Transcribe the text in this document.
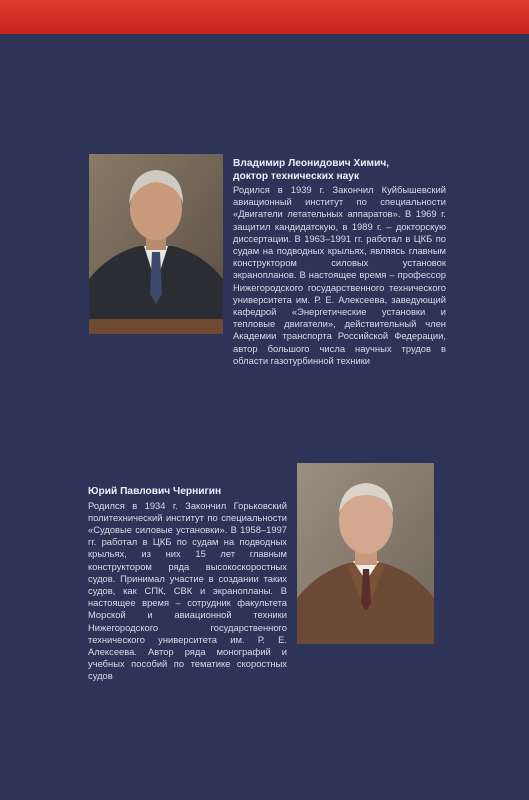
Владимир Леонидович Химич,
доктор технических наук
Родился в 1939 г. Закончил Куйбышевский авиационный институт по специальности «Двигатели летательных аппаратов». В 1969 г. защитил кандидатскую, в 1989 г. – докторскую диссертации. В 1963–1991 гг. работал в ЦКБ по судам на подводных крыльях, являясь главным конструктором силовых установок экранопланов. В настоящее время – профессор Нижегородского государственного технического университета им. Р. Е. Алексеева, заведующий кафедрой «Энергетические установки и тепловые двигатели», действительный член Академии транспорта Российской Федерации, автор большого числа научных трудов в области газотурбинной техники
Юрий Павлович Чернигин
Родился в 1934 г. Закончил Горьковский политехнический институт по специальности «Судовые силовые установки». В 1958–1997 гг. работал в ЦКБ по судам на подводных крыльях, из них 15 лет главным конструктором ряда высокоскоростных судов. Принимал участие в создании таких судов, как СПК, СВК и экранопланы. В настоящее время – сотрудник факультета Морской и авиационной техники Нижегородского государственного технического университета им. Р. Е. Алексеева. Автор ряда монографий и учебных пособий по тематике скоростных судов
